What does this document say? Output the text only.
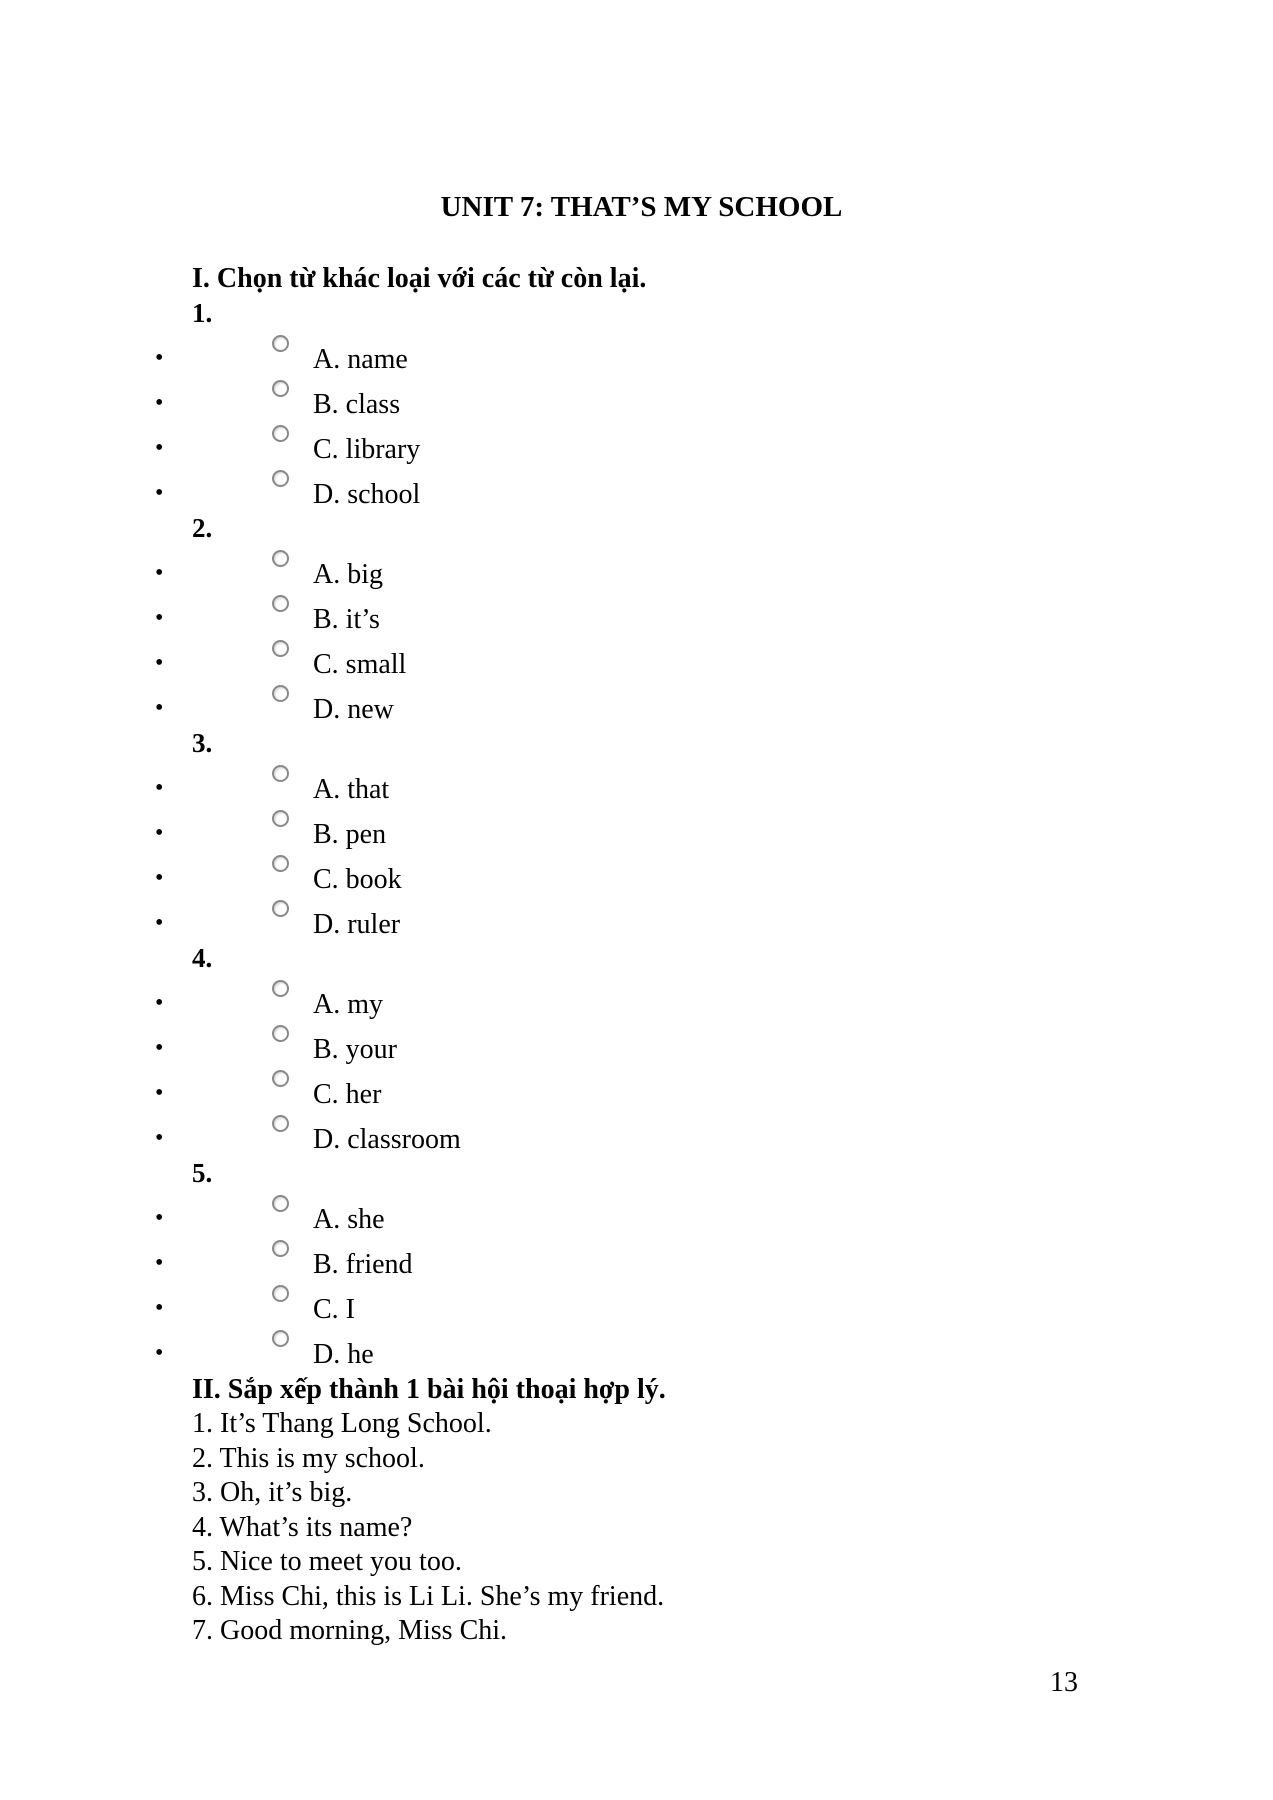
UNIT 7: THAT’S MY SCHOOL
I. Chọn từ khác loại với các từ còn lại.
1.
•	A. name
•	B. class
•	C. library
•	D. school
2.
•	A. big
•	B. it’s
•	C. small
•	D. new
3.
•	A. that
•	B. pen
•	C. book
•	D. ruler
4.
•	A. my
•	B. your
•	C. her
•	D. classroom
5.
•	A. she
•	B. friend
•	C. I
•	D. he
II. Sắp xếp thành 1 bài hội thoại hợp lý.
1. It’s Thang Long School.
2. This is my school.
3. Oh, it’s big.
4. What’s its name?
5. Nice to meet you too.
6. Miss Chi, this is Li Li. She’s my friend.
7. Good morning, Miss Chi.
13
